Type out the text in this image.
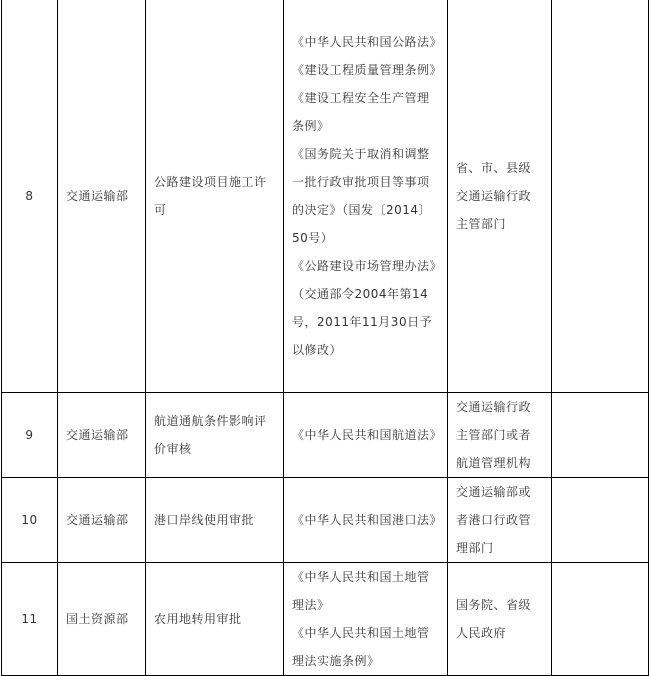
8	交通运输部	公路建设项目施工许可	《中华人民共和国公路法》

《建设工程质量管理条例》

《建设工程安全生产管理条例》

《国务院关于取消和调整一批行政审批项目等事项的决定》（国发〔2014〕50号）

《公路建设市场管理办法》（交通部令2004年第14号，2011年11月30日予以修改）	省、市、县级交通运输行政主管部门	
9	交通运输部	航道通航条件影响评价审核	《中华人民共和国航道法》	交通运输行政主管部门或者航道管理机构	
10	交通运输部	港口岸线使用审批	《中华人民共和国港口法》	交通运输部或者港口行政管理部门	
11	国土资源部	农用地转用审批	《中华人民共和国土地管理法》

《中华人民共和国土地管理法实施条例》	国务院、省级人民政府	
